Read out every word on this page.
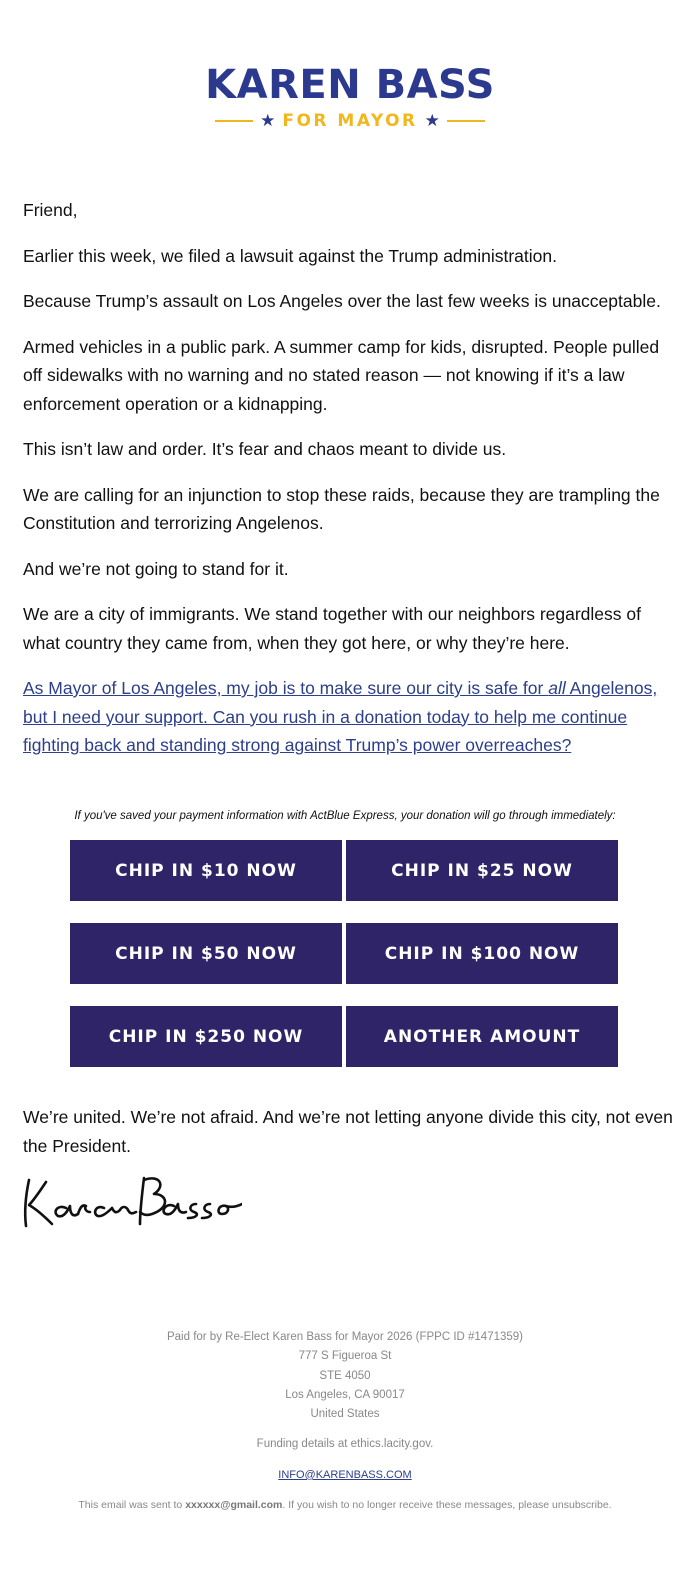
KAREN BASS
★ FOR MAYOR ★

Friend,

Earlier this week, we filed a lawsuit against the Trump administration.

Because Trump’s assault on Los Angeles over the last few weeks is unacceptable.

Armed vehicles in a public park. A summer camp for kids, disrupted. People pulled off sidewalks with no warning and no stated reason — not knowing if it’s a law enforcement operation or a kidnapping.

This isn’t law and order. It’s fear and chaos meant to divide us.

We are calling for an injunction to stop these raids, because they are trampling the Constitution and terrorizing Angelenos.

And we’re not going to stand for it.

We are a city of immigrants. We stand together with our neighbors regardless of what country they came from, when they got here, or why they’re here.

As Mayor of Los Angeles, my job is to make sure our city is safe for all Angelenos, but I need your support. Can you rush in a donation today to help me continue fighting back and standing strong against Trump’s power overreaches?

If you've saved your payment information with ActBlue Express, your donation will go through immediately:
CHIP IN $10 NOW	CHIP IN $25 NOW
CHIP IN $50 NOW	CHIP IN $100 NOW
CHIP IN $250 NOW	ANOTHER AMOUNT

We’re united. We’re not afraid. And we’re not letting anyone divide this city, not even the President.

Paid for by Re-Elect Karen Bass for Mayor 2026 (FPPC ID #1471359)
777 S Figueroa St
STE 4050
Los Angeles, CA 90017
United States
Funding details at ethics.lacity.gov.
INFO@KARENBASS.COM
This email was sent to xxxxxx@gmail.com. If you wish to no longer receive these messages, please unsubscribe.
